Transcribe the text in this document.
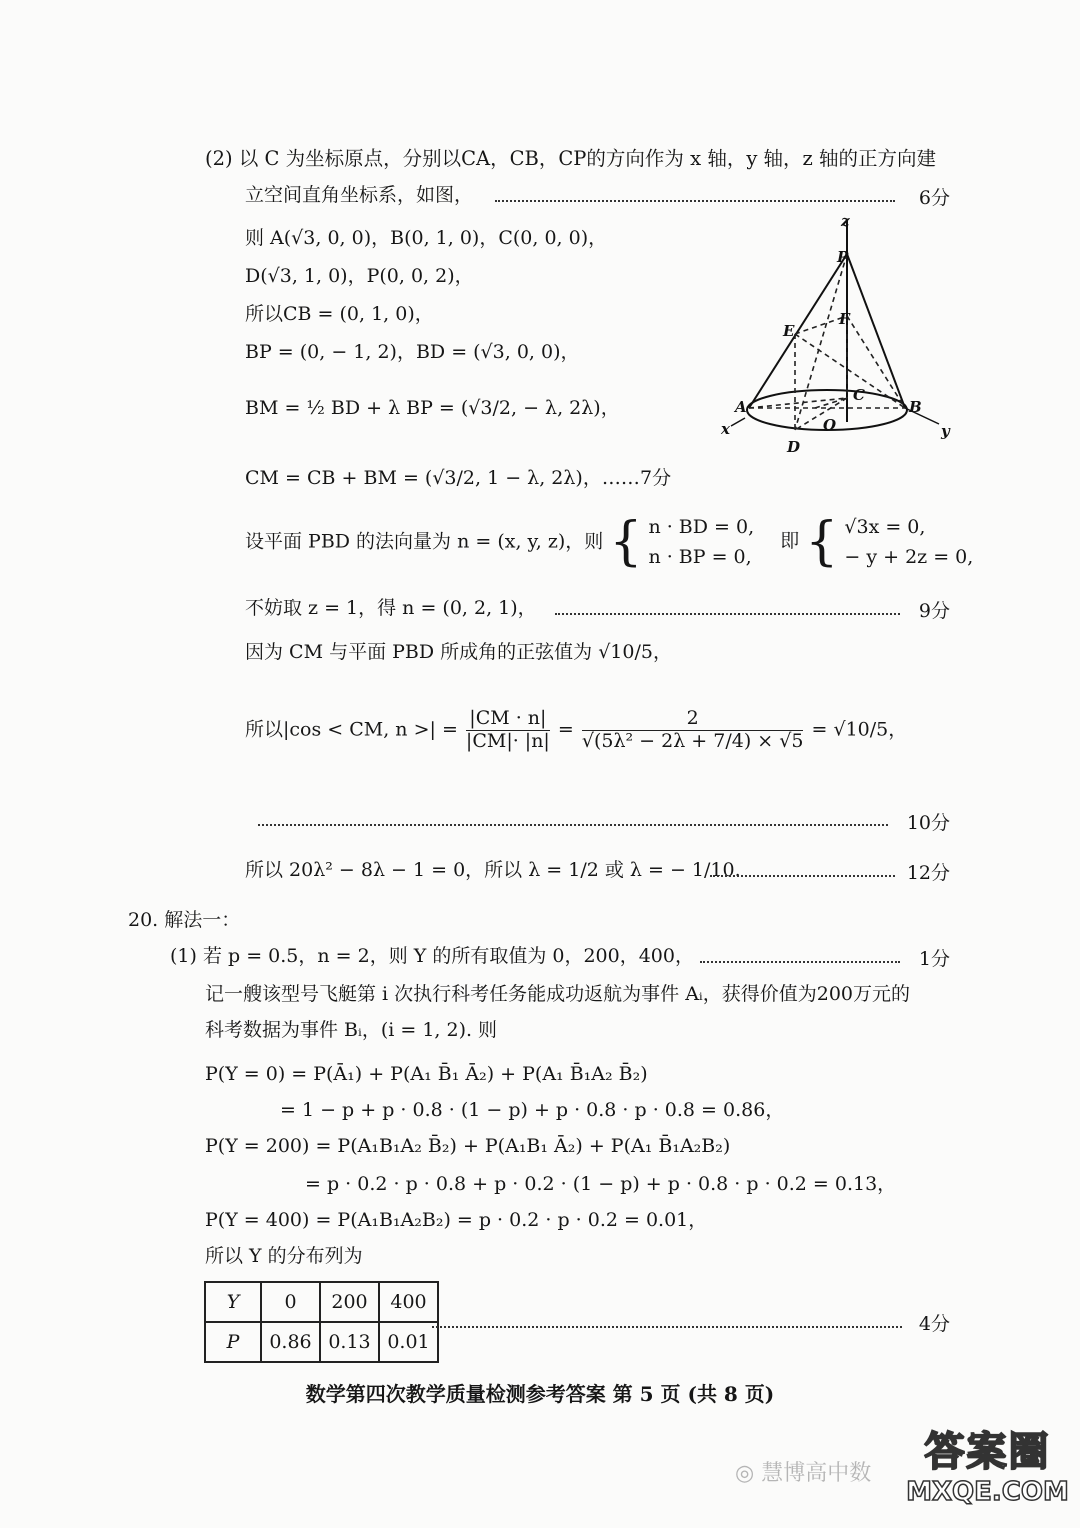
(2) 以 C 为坐标原点，分别以CA，CB，CP的方向作为 x 轴，y 轴，z 轴的正方向建
立空间直角坐标系，如图，	6分
则 A(√3, 0, 0)，B(0, 1, 0)，C(0, 0, 0)，
D(√3, 1, 0)，P(0, 0, 2)，
所以CB = (0, 1, 0)，
BP = (0, − 1, 2)，BD = (√3, 0, 0)，
BM = ½ BD + λ BP = (√3/2, − λ, 2λ)，
CM = CB + BM = (√3/2, 1 − λ, 2λ)，…… 7分
z
P
E
F
C
A	B
x	y
D
O
设平面 PBD 的法向量为 n = (x, y, z)，则 { n · BD = 0,
n · BP = 0,
即 { √3x = 0,
− y + 2z = 0,
不妨取 z = 1，得 n = (0, 2, 1)，	9分
因为 CM 与平面 PBD 所成角的正弦值为 √10/5，
所以|cos < CM, n >| = $\frac{|CM \cdot n|}{|CM|\cdot |n|} = \frac{2}{\text{√(5λ² − 2λ + 7/4) × √5}} = √10/5$，
10分
所以 20λ² − 8λ − 1 = 0，所以 λ = 1/2 或 λ = − 1/10.	12分
20. 解法一：
(1) 若 p = 0.5，n = 2，则 Y 的所有取值为 0，200，400，	1分
记一艘该型号飞艇第 i 次执行科考任务能成功返航为事件 Aᵢ，获得价值为200万元的
科考数据为事件 Bᵢ，(i = 1, 2). 则
P(Y = 0) = P(Ā₁) + P(A₁ B̄₁ Ā₂) + P(A₁ B̄₁A₂ B̄₂)
= 1 − p + p · 0.8 · (1 − p) + p · 0.8 · p · 0.8 = 0.86，
P(Y = 200) = P(A₁B₁A₂ B̄₂) + P(A₁B₁ Ā₂) + P(A₁ B̄₁A₂B₂)
= p · 0.2 · p · 0.8 + p · 0.2 · (1 − p) + p · 0.8 · p · 0.2 = 0.13，
P(Y = 400) = P(A₁B₁A₂B₂) = p · 0.2 · p · 0.2 = 0.01，
所以 Y 的分布列为
Y	0	200	400
P	0.86	0.13	0.01
4分
数学第四次教学质量检测参考答案 第 5 页 (共 8 页)
◎ 慧博高中数	答案圈
MXQE.COM
